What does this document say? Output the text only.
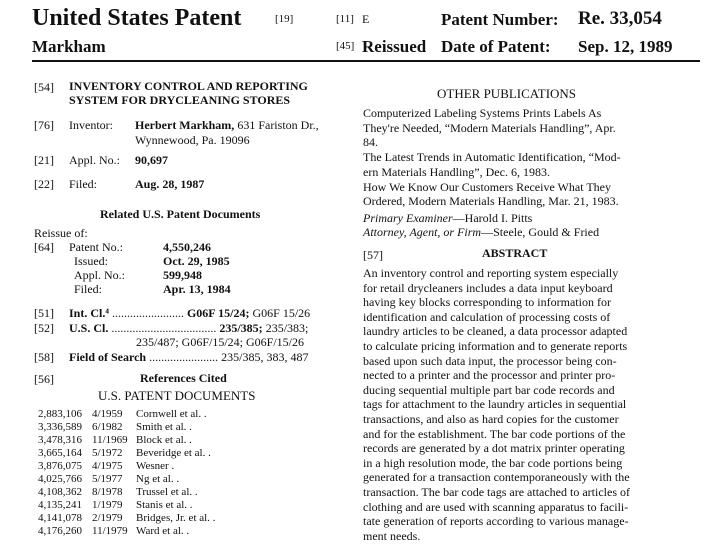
United States Patent	[19]
Markham
[11] E	Patent Number: Re. 33,054
[45] Reissued Date of Patent: Sep. 12, 1989
[54] INVENTORY CONTROL AND REPORTING
SYSTEM FOR DRYCLEANING STORES
[76] Inventor: Herbert Markham, 631 Fariston Dr.,
Wynnewood, Pa. 19096
[21] Appl. No.: 90,697
[22] Filed:	Aug. 28, 1987
Related U.S. Patent Documents
Reissue of:
[64] Patent No.:	4,550,246
Issued:	Oct. 29, 1985
Appl. No.:	599,948
Filed:	Apr. 13, 1984
[51] Int. Cl.⁴ ........................ G06F 15/24; G06F 15/26
[52] U.S. Cl. ................................... 235/385; 235/383;
235/487; G06F/15/24; G06F/15/26
[58] Field of Search ....................... 235/385, 383, 487
[56]	References Cited
U.S. PATENT DOCUMENTS
2,883,106 4/1959 Cornwell et al. .
3,336,589 6/1982 Smith et al. .
3,478,316 11/1969 Block et al. .
3,665,164 5/1972 Beveridge et al. .
3,876,075 4/1975 Wesner .
4,025,766 5/1977 Ng et al. .
4,108,362 8/1978 Trussel et al. .
4,135,241 1/1979 Stanis et al. .
4,141,078 2/1979 Bridges, Jr. et al. .
4,176,260 11/1979 Ward et al. .
OTHER PUBLICATIONS
Computerized Labeling Systems Prints Labels As
They're Needed, “Modern Materials Handling”, Apr.
84.
The Latest Trends in Automatic Identification, “Mod-
ern Materials Handling”, Dec. 6, 1983.
How We Know Our Customers Receive What They
Ordered, Modern Materials Handling, Mar. 21, 1983.
Primary Examiner—Harold I. Pitts
Attorney, Agent, or Firm—Steele, Gould & Fried
[57]	ABSTRACT
An inventory control and reporting system especially
for retail drycleaners includes a data input keyboard
having key blocks corresponding to information for
identification and calculation of processing costs of
laundry articles to be cleaned, a data processor adapted
to calculate pricing information and to generate reports
based upon such data input, the processor being con-
nected to a printer and the processor and printer pro-
ducing sequential multiple part bar code records and
tags for attachment to the laundry articles in sequential
transactions, and also as hard copies for the customer
and for the establishment. The bar code portions of the
records are generated by a dot matrix printer operating
in a high resolution mode, the bar code portions being
generated for a transaction contemporaneously with the
transaction. The bar code tags are attached to articles of
clothing and are used with scanning apparatus to facili-
tate generation of reports according to various manage-
ment needs.
